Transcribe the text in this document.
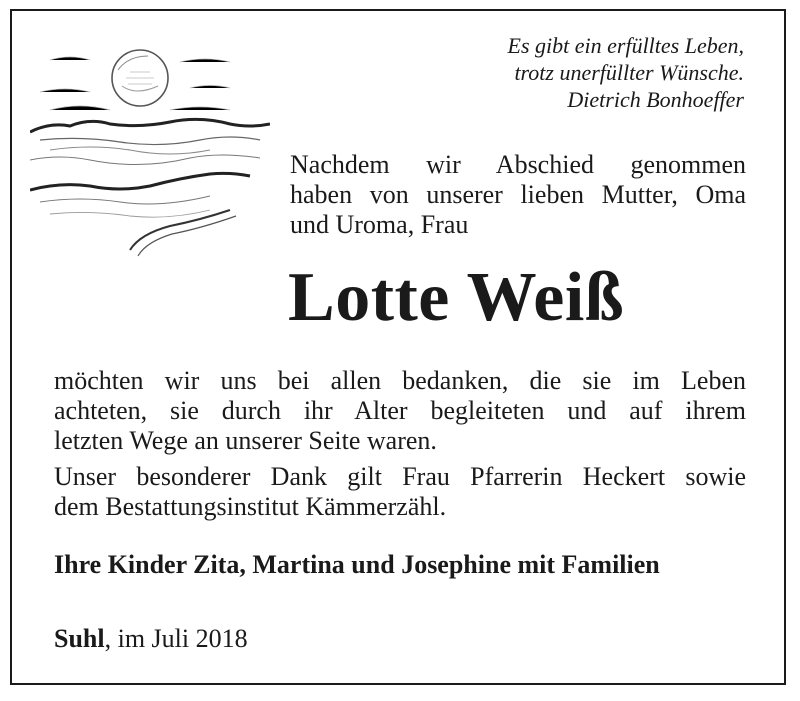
Es gibt ein erfülltes Leben,
trotz unerfüllter Wünsche.
Dietrich Bonhoeffer
Nachdem wir Abschied genommen
haben von unserer lieben Mutter, Oma
und Uroma, Frau
Lotte Weiß
möchten wir uns bei allen bedanken, die sie im Leben
achteten, sie durch ihr Alter begleiteten und auf ihrem
letzten Wege an unserer Seite waren.
Unser besonderer Dank gilt Frau Pfarrerin Heckert sowie
dem Bestattungsinstitut Kämmerzähl.
Ihre Kinder Zita, Martina und Josephine mit Familien
Suhl, im Juli 2018
